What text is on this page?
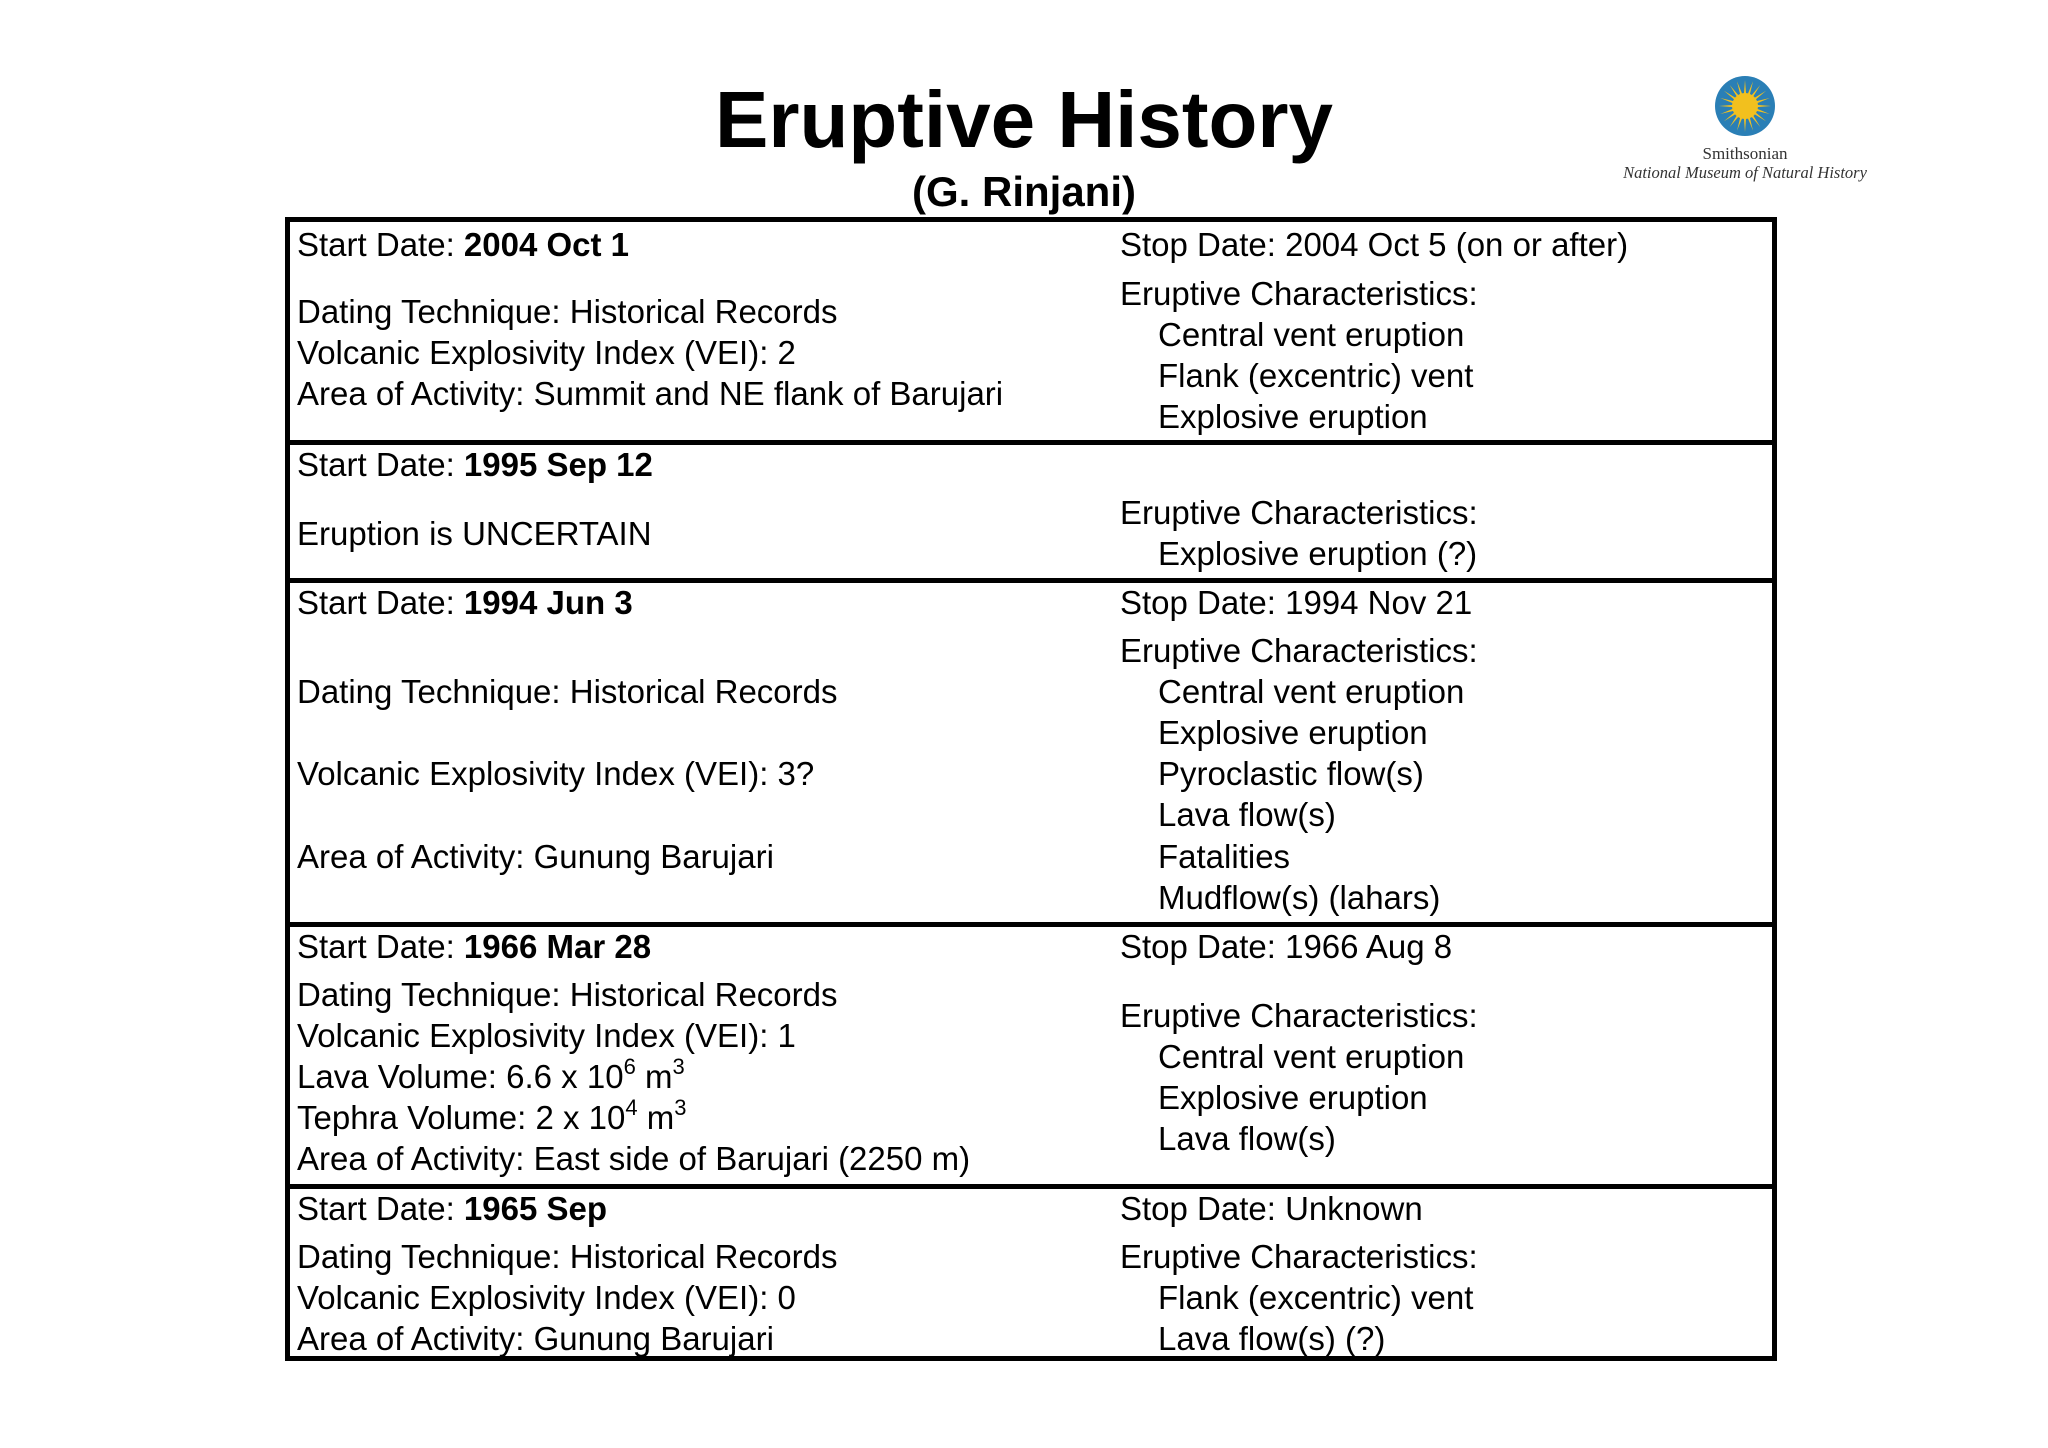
Eruptive History
(G. Rinjani)
Smithsonian
National Museum of Natural History
Start Date: 2004 Oct 1
Dating Technique: Historical Records
Volcanic Explosivity Index (VEI): 2
Area of Activity: Summit and NE flank of Barujari
Stop Date: 2004 Oct 5 (on or after)
Eruptive Characteristics:
Central vent eruption
Flank (excentric) vent
Explosive eruption
Start Date: 1995 Sep 12
Eruption is UNCERTAIN
Eruptive Characteristics:
Explosive eruption (?)
Start Date: 1994 Jun 3
Dating Technique: Historical Records
Volcanic Explosivity Index (VEI): 3?
Area of Activity: Gunung Barujari
Stop Date: 1994 Nov 21
Eruptive Characteristics:
Central vent eruption
Explosive eruption
Pyroclastic flow(s)
Lava flow(s)
Fatalities
Mudflow(s) (lahars)
Start Date: 1966 Mar 28
Dating Technique: Historical Records
Volcanic Explosivity Index (VEI): 1
Lava Volume: 6.6 x $10^6$ $m^3$
Tephra Volume: 2 x $10^4$ $m^3$
Area of Activity: East side of Barujari (2250 m)
Stop Date: 1966 Aug 8
Eruptive Characteristics:
Central vent eruption
Explosive eruption
Lava flow(s)
Start Date: 1965 Sep
Dating Technique: Historical Records
Volcanic Explosivity Index (VEI): 0
Area of Activity: Gunung Barujari
Stop Date: Unknown
Eruptive Characteristics:
Flank (excentric) vent
Lava flow(s) (?)
